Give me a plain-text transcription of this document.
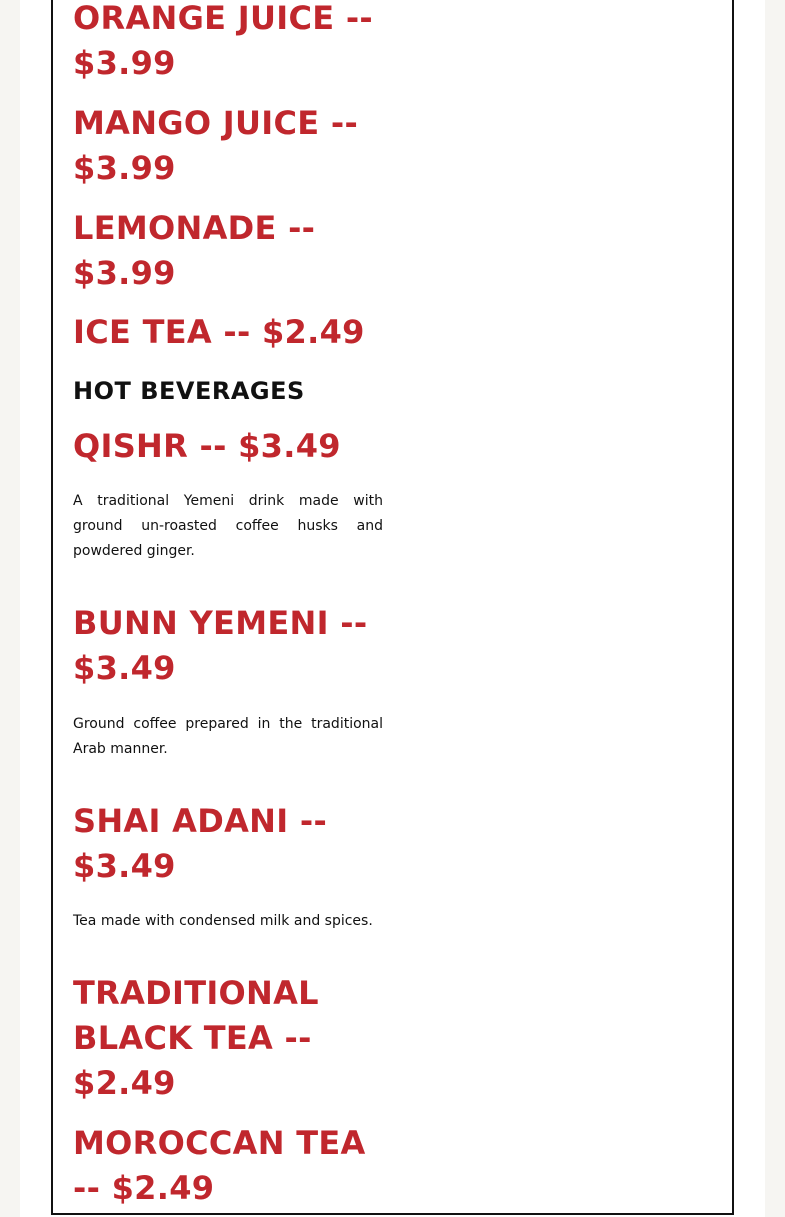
ORANGE JUICE -- $3.99
MANGO JUICE -- $3.99
LEMONADE -- $3.99
ICE TEA -- $2.49
HOT BEVERAGES
QISHR -- $3.49

A traditional Yemeni drink made with ground un-roasted coffee husks and powdered ginger.

BUNN YEMENI -- $3.49

Ground coffee prepared in the traditional Arab manner.

SHAI ADANI -- $3.49

Tea made with condensed milk and spices.

TRADITIONAL BLACK TEA -- $2.49
MOROCCAN TEA -- $2.49
